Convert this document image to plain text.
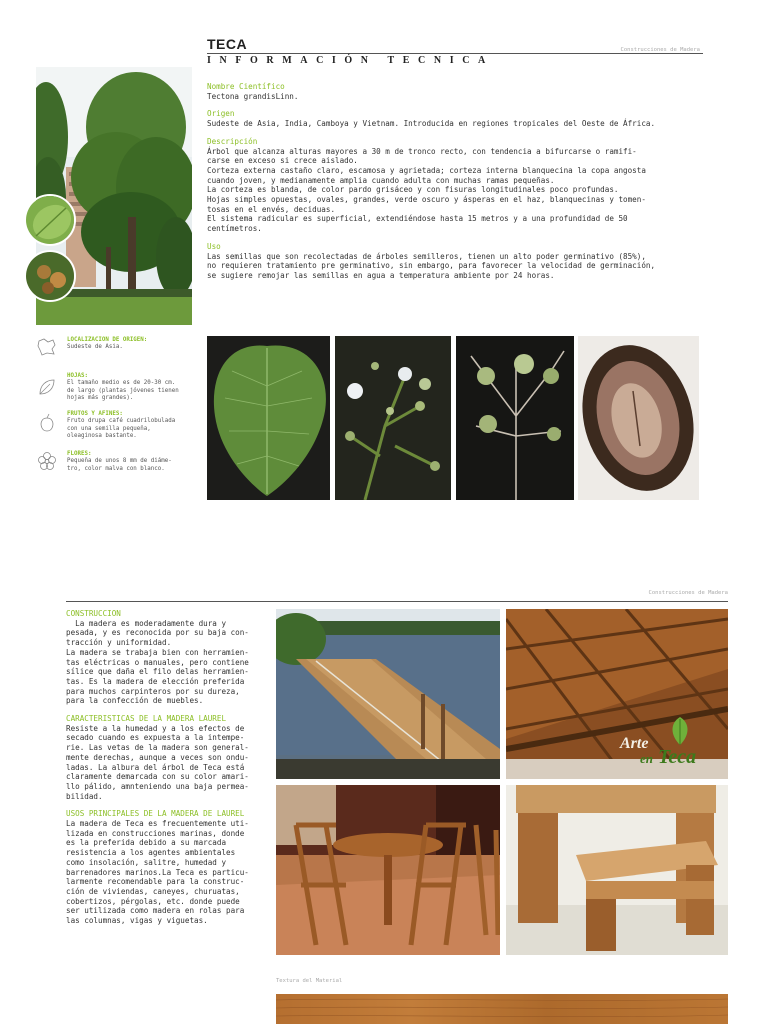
TECA	Construcciones de Madera
INFORMACIÓN TECNICA
Nombre Científico
Tectona grandisLinn.
Origen
Sudeste de Asia, India, Camboya y Vietnam. Introducida en regiones tropicales del Oeste de África.
Descripción
Árbol que alcanza alturas mayores a 30 m de tronco recto, con tendencia a bifurcarse o ramifi-
carse en exceso si crece aislado.
Corteza externa castaño claro, escamosa y agrietada; corteza interna blanquecina la copa angosta
cuando joven, y medianamente amplia cuando adulta con muchas ramas pequeñas.
La corteza es blanda, de color pardo grisáceo y con fisuras longitudinales poco profundas.
Hojas simples opuestas, ovales, grandes, verde oscuro y ásperas en el haz, blanquecinas y tomen-
tosas en el envés, deciduas.
El sistema radicular es superficial, extendiéndose hasta 15 metros y a una profundidad de 50
centímetros.
Uso
Las semillas que son recolectadas de árboles semilleros, tienen un alto poder germinativo (85%),
no requieren tratamiento pre germinativo, sin embargo, para favorecer la velocidad de germinación,
se sugiere remojar las semillas en agua a temperatura ambiente por 24 horas.
LOCALIZACION DE ORIGEN:
Sudeste de Asia.
HOJAS:
El tamaño medio es de 20-30 cm.
de largo (plantas jóvenes tienen
hojas más grandes).
FRUTOS Y AFINES:
Fruto drupa café cuadrilobulada
con una semilla pequeña,
oleaginosa bastante.
FLORES:
Pequeña de unos 8 mm de diáme-
tro, color malva con blanco.
Construcciones de Madera
CONSTRUCCION
La madera es moderadamente dura y
pesada, y es reconocida por su baja con-
tracción y uniformidad.
La madera se trabaja bien con herramien-
tas eléctricas o manuales, pero contiene
sílice que daña el filo delas herramien-
tas. Es la madera de elección preferida
para muchos carpinteros por su dureza,
para la confección de muebles.
CARACTERISTICAS DE LA MADERA LAUREL
Resiste a la humedad y a los efectos de
secado cuando es expuesta a la intempe-
rie. Las vetas de la madera son general-
mente derechas, aunque a veces son ondu-
ladas. La albura del árbol de Teca está
claramente demarcada con su color amari-
llo pálido, amnteniendo una baja permea-
bilidad.
USOS PRINCIPALES DE LA MADERA DE LAUREL
La madera de Teca es frecuentemente uti-
lizada en construcciones marinas, donde
es la preferida debido a su marcada
resistencia a los agentes ambientales
como insolación, salitre, humedad y
barrenadores marinos.La Teca es particu-
larmente recomendable para la construc-
ción de viviendas, caneyes, churuatas,
cobertizos, pérgolas, etc. donde puede
ser utilizada como madera en rolas para
las columnas, vigas y viguetas.
Arte
en Teca
Textura del Material
